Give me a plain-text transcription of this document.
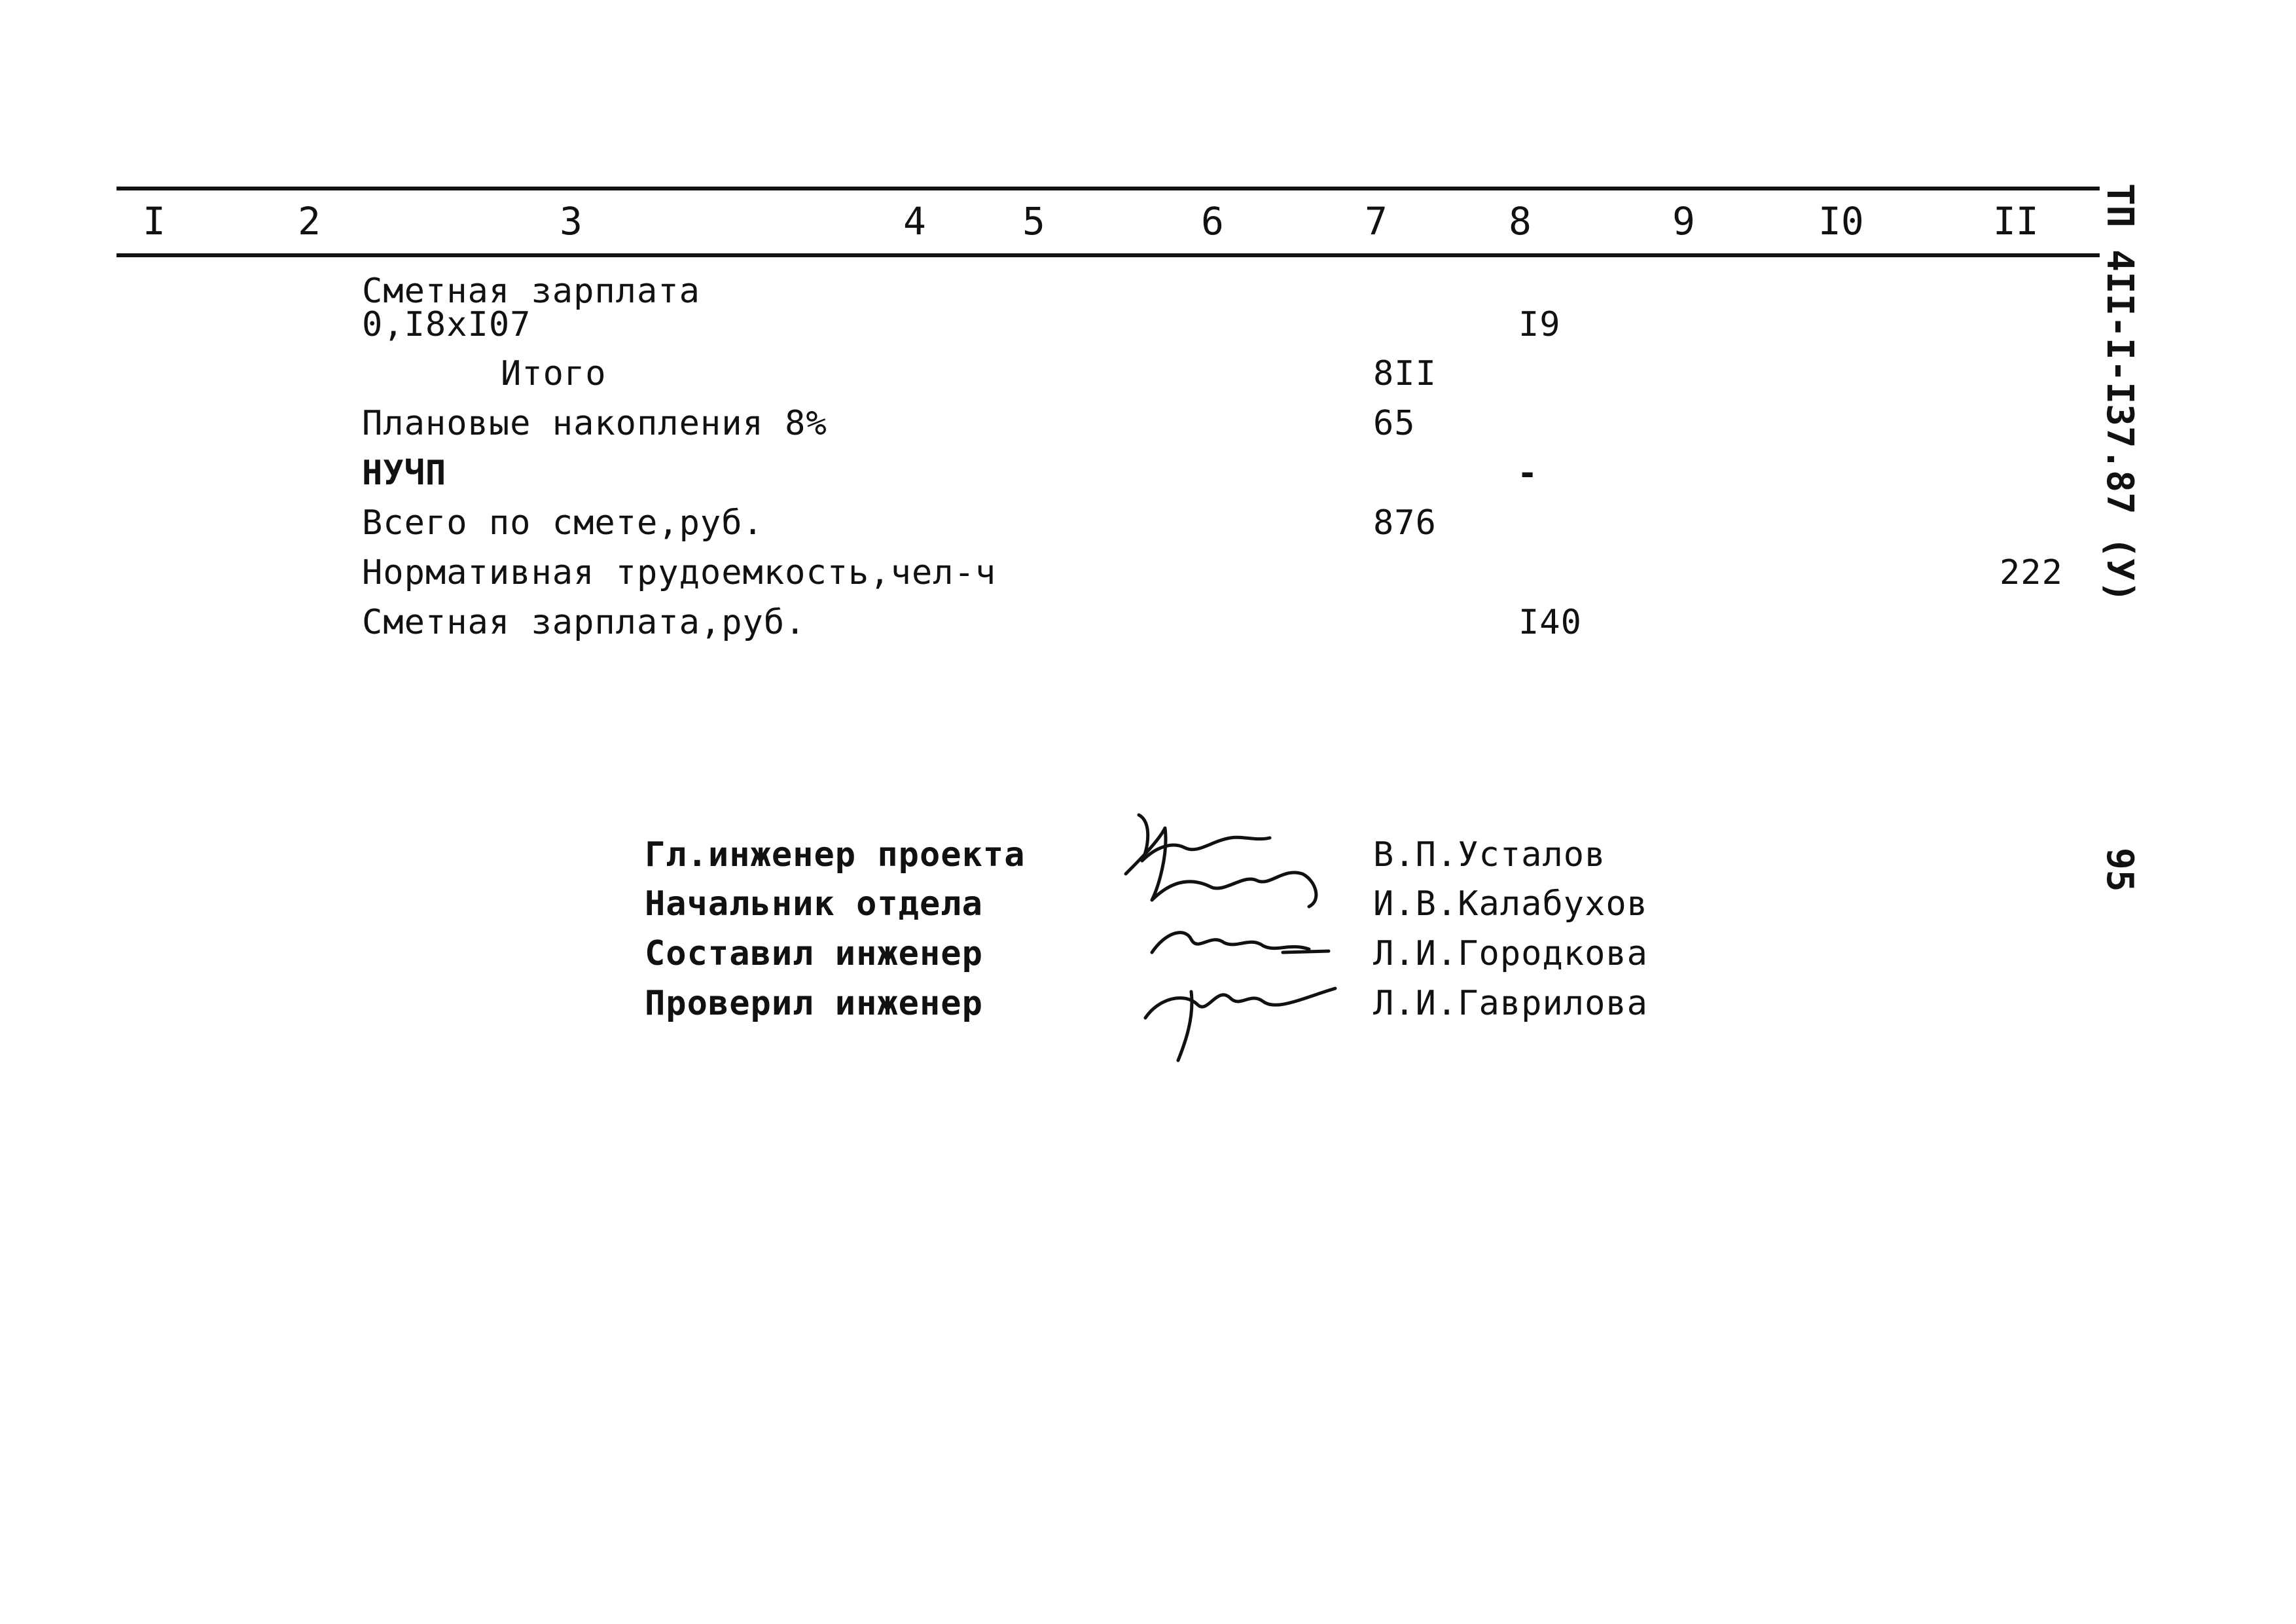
I	2	3	4	5	6	7	8	9	I0	II
Сметная зарплата
0,I8xI07	I9
Итого	8II
Плановые накопления 8%	65
НУЧП	-
Всего по смете,руб.	876
Нормативная трудоемкость,чел-ч	222
Сметная зарплата,руб.	I40
Гл.инженер проекта	В.П.Усталов
Начальник отдела	И.В.Калабухов
Составил инженер	Л.И.Городкова
Проверил инженер	Л.И.Гаврилова
ТП 4II-I-I37.87 (У)
95
